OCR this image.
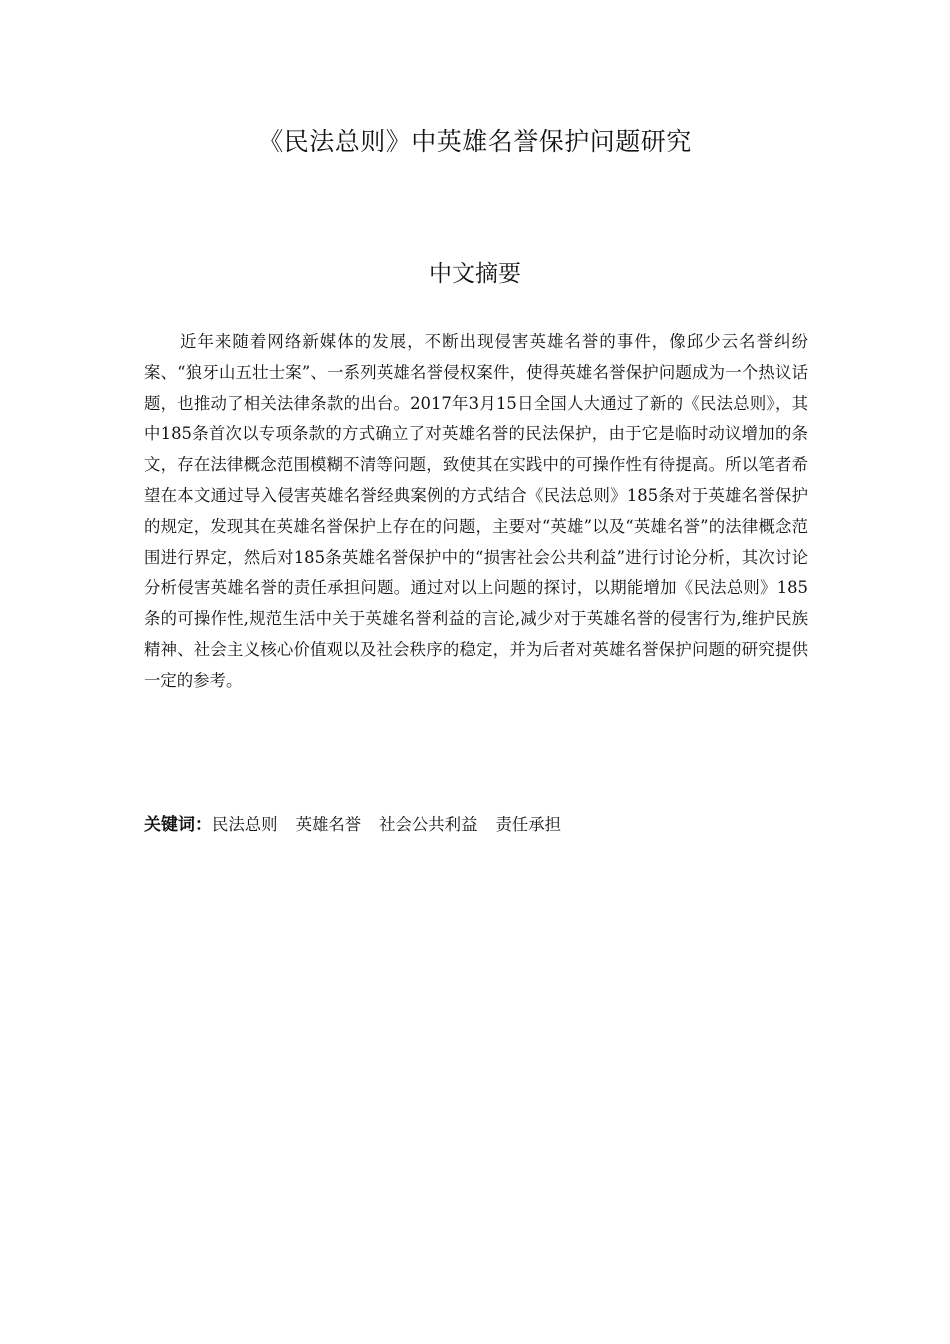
《民法总则》中英雄名誉保护问题研究
中文摘要

近年来随着网络新媒体的发展，不断出现侵害英雄名誉的事件，像邱少云名誉纠纷案、“狼牙山五壮士案”、一系列英雄名誉侵权案件，使得英雄名誉保护问题成为一个热议话题，也推动了相关法律条款的出台。2017年3月15日全国人大通过了新的《民法总则》，其中185条首次以专项条款的方式确立了对英雄名誉的民法保护，由于它是临时动议增加的条文，存在法律概念范围模糊不清等问题，致使其在实践中的可操作性有待提高。所以笔者希望在本文通过导入侵害英雄名誉经典案例的方式结合《民法总则》185条对于英雄名誉保护的规定，发现其在英雄名誉保护上存在的问题，主要对“英雄”以及“英雄名誉”的法律概念范围进行界定，然后对185条英雄名誉保护中的“损害社会公共利益”进行讨论分析，其次讨论分析侵害英雄名誉的责任承担问题。通过对以上问题的探讨，以期能增加《民法总则》185条的可操作性,规范生活中关于英雄名誉利益的言论,减少对于英雄名誉的侵害行为,维护民族精神、社会主义核心价值观以及社会秩序的稳定，并为后者对英雄名誉保护问题的研究提供一定的参考。

关键词：民法总则 英雄名誉 社会公共利益 责任承担
